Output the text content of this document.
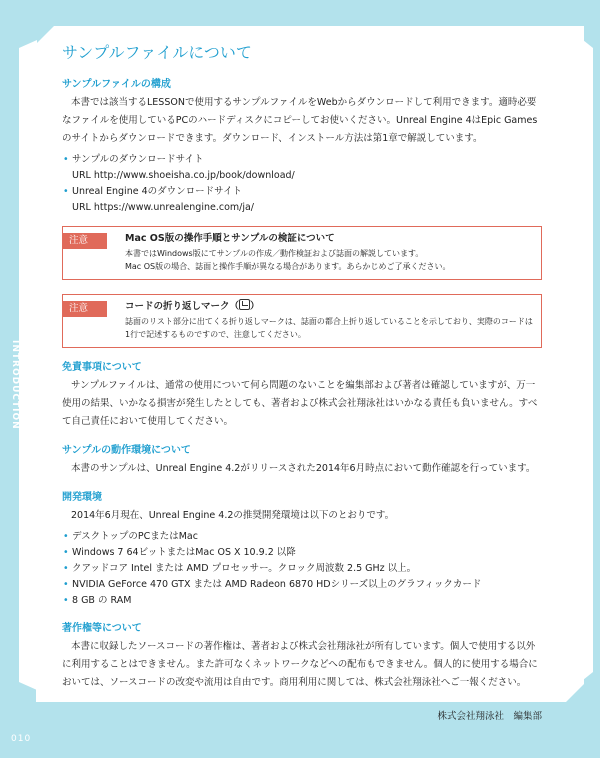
INTRODUCTION
010
サンプルファイルについて
サンプルファイルの構成

本書では該当するLESSONで使用するサンプルファイルをWebからダウンロードして利用できます。適時必要なファイルを使用しているPCのハードディスクにコピーしてお使いください。Unreal Engine 4はEpic Gamesのサイトからダウンロードできます。ダウンロード、インストール方法は第1章で解説しています。

• サンプルのダウンロードサイト
URL http://www.shoeisha.co.jp/book/download/
• Unreal Engine 4のダウンロードサイト
URL https://www.unrealengine.com/ja/
注意	Mac OS版の操作手順とサンプルの検証について
本書ではWindows版にてサンプルの作成／動作検証および誌面の解説しています。
Mac OS版の場合、誌面と操作手順が異なる場合があります。あらかじめご了承ください。
注意	コードの折り返しマーク（ ）
誌面のリスト部分に出てくる折り返しマークは、誌面の都合上折り返していることを示しており、実際のコードは1行で記述するものですので、注意してください。
免責事項について

サンプルファイルは、通常の使用について何ら問題のないことを編集部および著者は確認していますが、万一使用の結果、いかなる損害が発生したとしても、著者および株式会社翔泳社はいかなる責任も負いません。すべて自己責任において使用してください。

サンプルの動作環境について

本書のサンプルは、Unreal Engine 4.2がリリースされた2014年6月時点において動作確認を行っています。

開発環境

2014年6月現在、Unreal Engine 4.2の推奨開発環境は以下のとおりです。

• デスクトップのPCまたはMac
• Windows 7 64ビットまたはMac OS X 10.9.2 以降
• クアッドコア Intel または AMD プロセッサー。クロック周波数 2.5 GHz 以上。
• NVIDIA GeForce 470 GTX または AMD Radeon 6870 HDシリーズ以上のグラフィックカード
• 8 GB の RAM
著作権等について

本書に収録したソースコードの著作権は、著者および株式会社翔泳社が所有しています。個人で使用する以外に利用することはできません。また許可なくネットワークなどへの配布もできません。個人的に使用する場合においては、ソースコードの改変や流用は自由です。商用利用に関しては、株式会社翔泳社へご一報ください。

株式会社翔泳社　編集部
